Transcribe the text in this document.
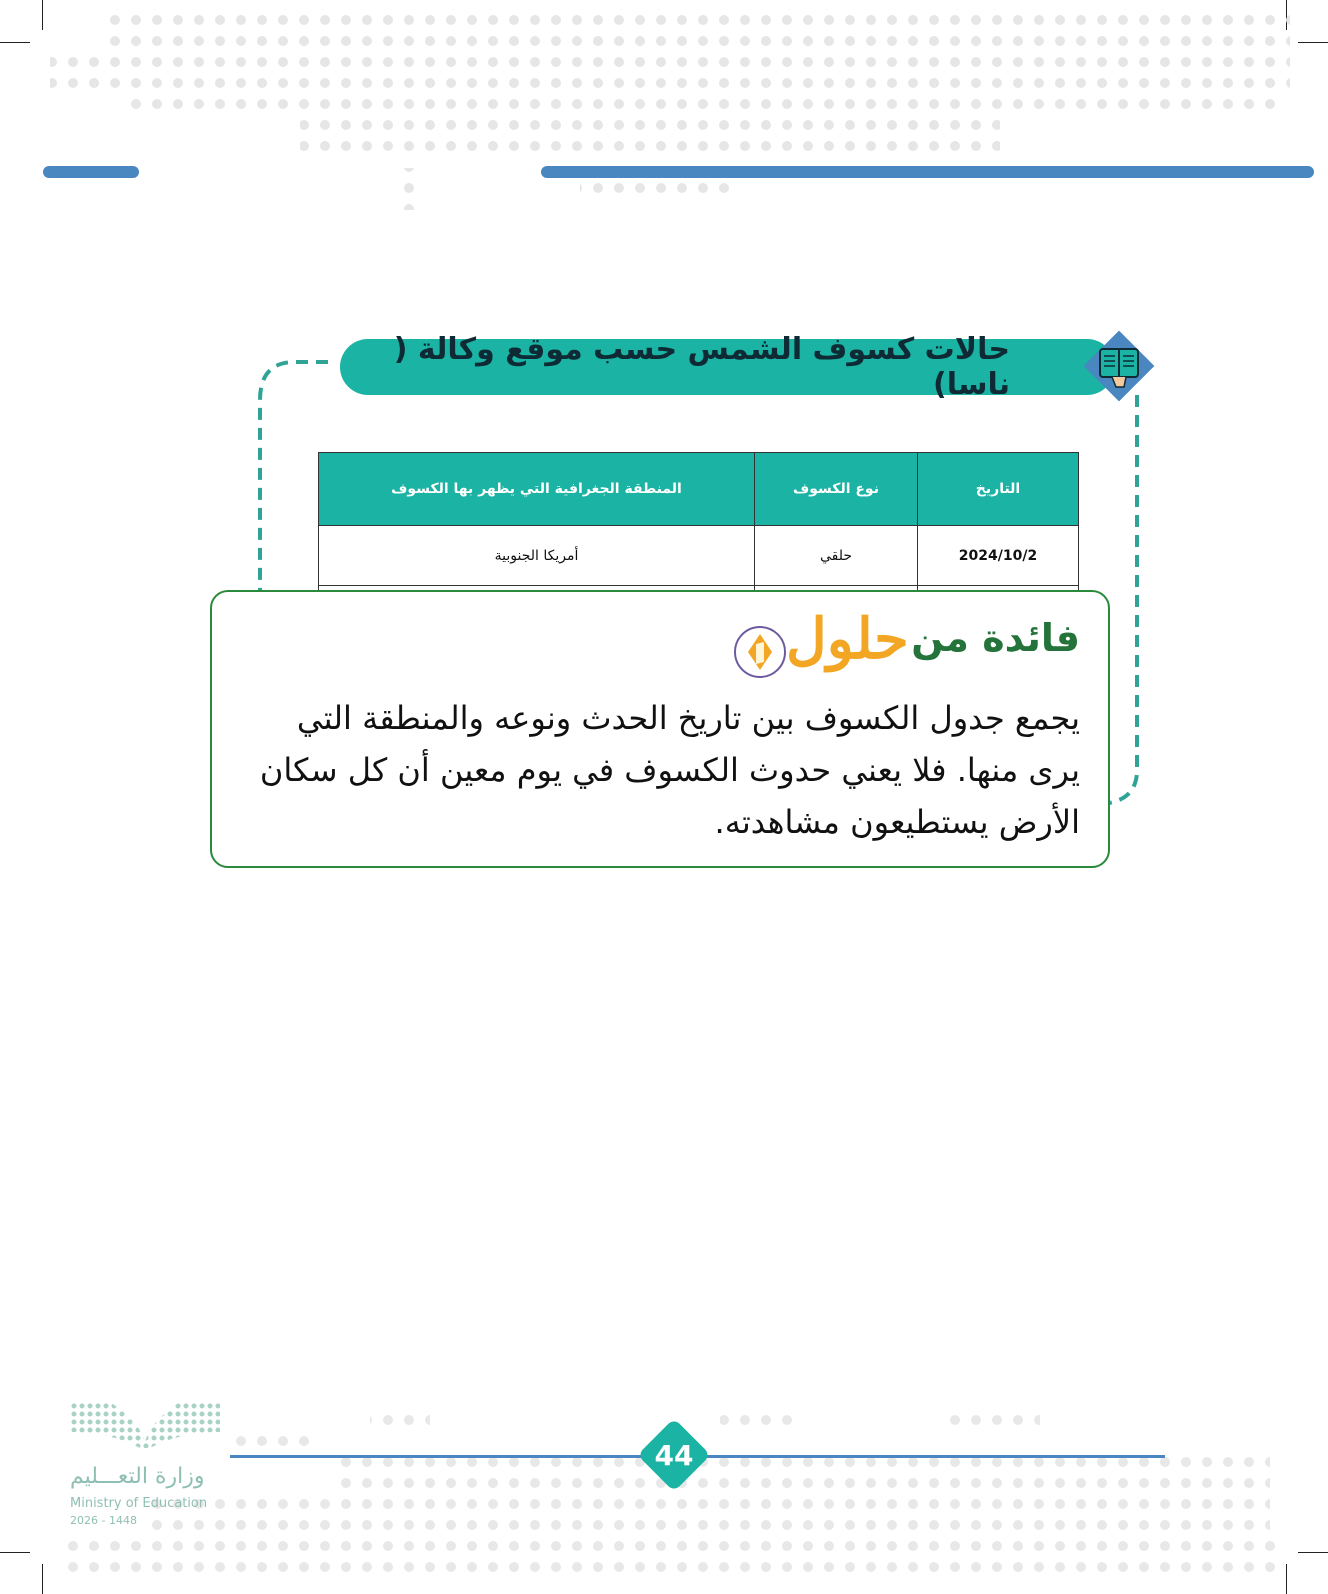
حالات كسوف الشمس حسب موقع وكالة ( ناسا)
التاريخ	نوع الكسوف	المنطقة الجغرافية التي يظهر بها الكسوف
2024/10/2	حلقي	أمريكا الجنوبية

فائدة من
يجمع جدول الكسوف بين تاريخ الحدث ونوعه والمنطقة التي يرى منها. فلا يعني حدوث الكسوف في يوم معين أن كل سكان الأرض يستطيعون مشاهدته.
حلول
44
وزارة التعـــليم
Ministry of Education
2026 - 1448
